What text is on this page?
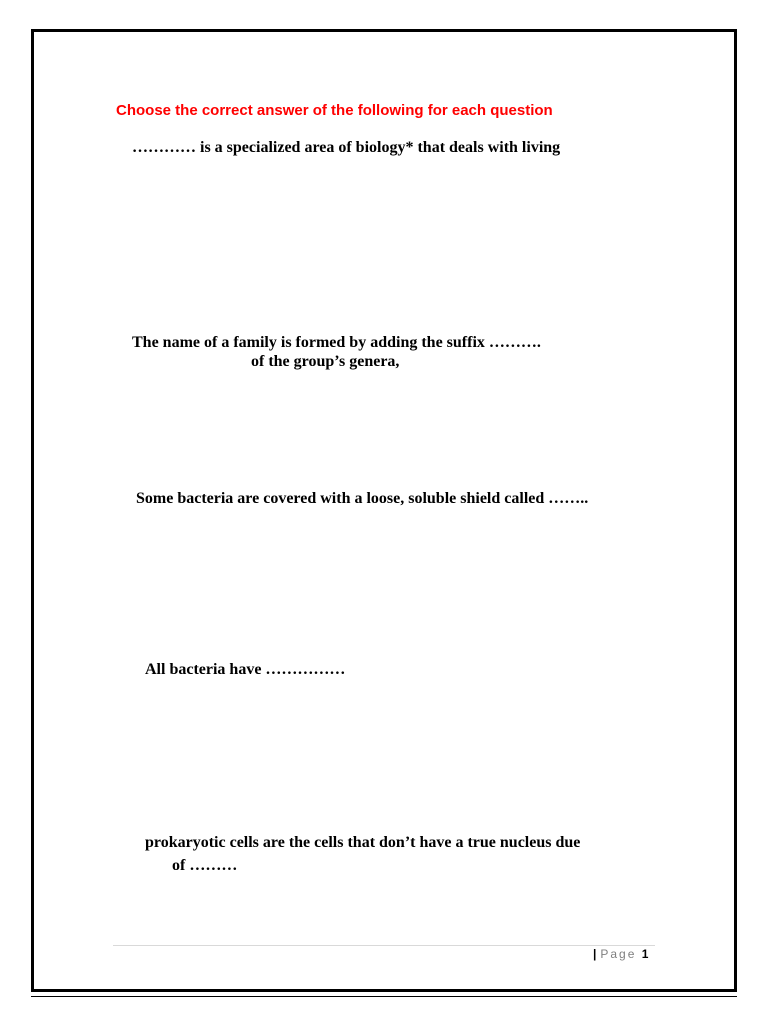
Choose the correct answer of the following for each question
………… is a specialized area of biology* that deals with living
The name of a family is formed by adding the suffix ……….
of the group’s genera,
Some bacteria are covered with a loose, soluble shield called ……..
All bacteria have ……………
prokaryotic cells are the cells that don’t have a true nucleus due
of ………
| Page 1
